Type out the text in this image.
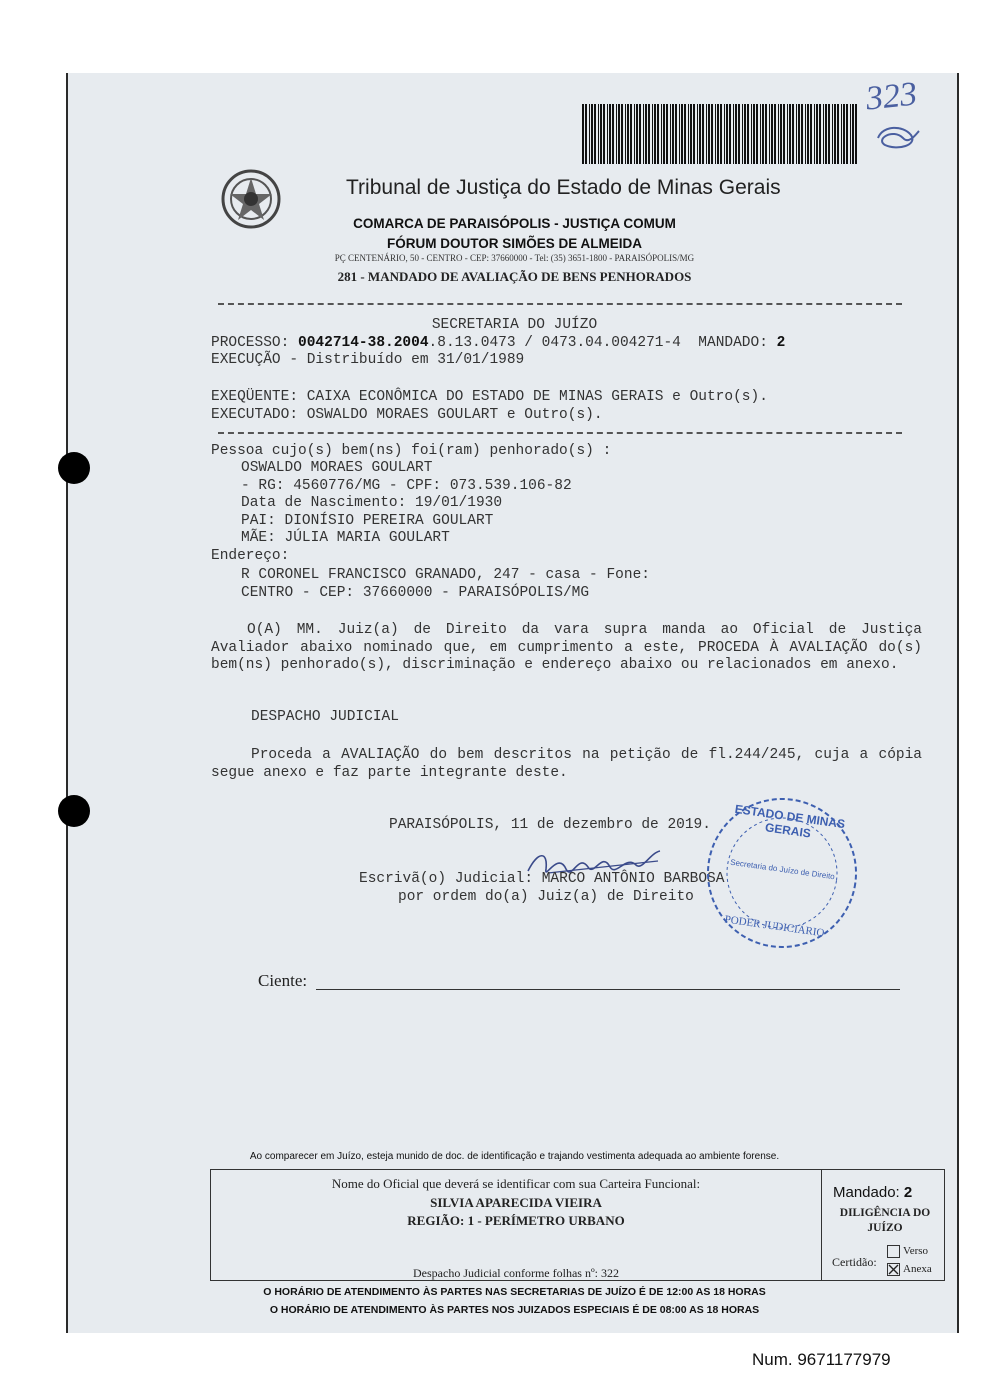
323
Tribunal de Justiça do Estado de Minas Gerais
COMARCA DE PARAISÓPOLIS - JUSTIÇA COMUM
FÓRUM DOUTOR SIMÕES DE ALMEIDA
PÇ CENTENÁRIO, 50 - CENTRO - CEP: 37660000 - Tel: (35) 3651-1800 - PARAISÓPOLIS/MG
281 - MANDADO DE AVALIAÇÃO DE BENS PENHORADOS
SECRETARIA DO JUÍZO
PROCESSO: 0042714-38.2004.8.13.0473 / 0473.04.004271-4  MANDADO: 2
EXECUÇÃO - Distribuído em 31/01/1989
EXEQÜENTE: CAIXA ECONÔMICA DO ESTADO DE MINAS GERAIS e Outro(s).
EXECUTADO: OSWALDO MORAES GOULART e Outro(s).
Pessoa cujo(s) bem(ns) foi(ram) penhorado(s) :
OSWALDO MORAES GOULART
- RG: 4560776/MG - CPF: 073.539.106-82
Data de Nascimento: 19/01/1930
PAI: DIONÍSIO PEREIRA GOULART
MÃE: JÚLIA MARIA GOULART
Endereço:
R CORONEL FRANCISCO GRANADO, 247 - casa - Fone:
CENTRO - CEP: 37660000 - PARAISÓPOLIS/MG
O(A) MM. Juiz(a) de Direito da vara supra manda ao Oficial de Justiça Avaliador abaixo nominado que, em cumprimento a este, PROCEDA À AVALIAÇÃO do(s) bem(ns) penhorado(s), discriminação e endereço abaixo ou relacionados em anexo.
DESPACHO JUDICIAL
Proceda a AVALIAÇÃO do bem descritos na petição de fl.244/245, cuja a cópia segue anexo e faz parte integrante deste.
PARAISÓPOLIS, 11 de dezembro de 2019.
Escrivã(o) Judicial: MARCO ANTÔNIO BARBOSA
por ordem do(a) Juiz(a) de Direito
ESTADO DE MINAS GERAIS
Secretaria do Juízo de Direito
PODER JUDICIÁRIO
Ciente:
Ao comparecer em Juízo, esteja munido de doc. de identificação e trajando vestimenta adequada ao ambiente forense.
Nome do Oficial que deverá se identificar com sua Carteira Funcional:
SILVIA APARECIDA VIEIRA
REGIÃO: 1 - PERÍMETRO URBANO
Despacho Judicial conforme folhas nº: 322
Mandado: 2
DILIGÊNCIA DO JUÍZO
Certidão:
Verso
Anexa
O HORÁRIO DE ATENDIMENTO ÀS PARTES NAS SECRETARIAS DE JUÍZO É DE 12:00 AS 18 HORAS
O HORÁRIO DE ATENDIMENTO ÀS PARTES NOS JUIZADOS ESPECIAIS É DE 08:00 AS 18 HORAS
Num. 9671177979
